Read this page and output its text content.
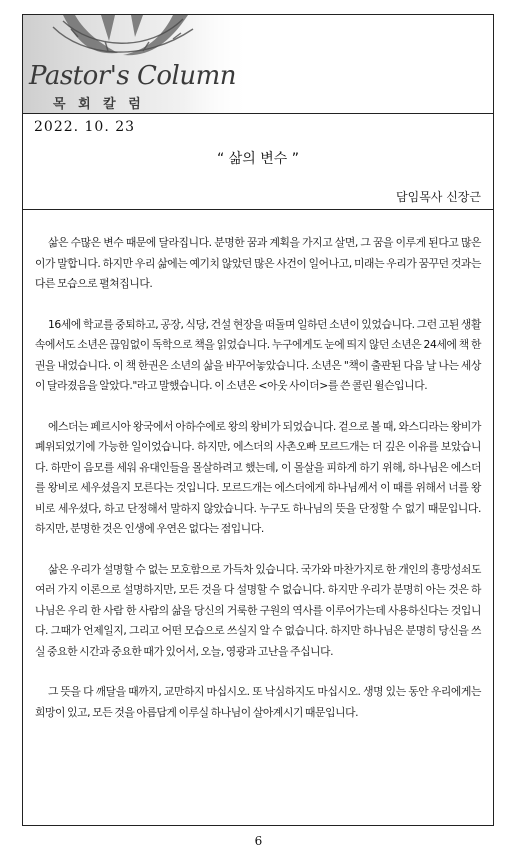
Pastor's Column
목 회 칼 럼
2022. 10. 23
“ 삶의 변수 ”
담임목사 신장근

삶은 수많은 변수 때문에 달라집니다. 분명한 꿈과 계획을 가지고 살면, 그 꿈을 이루게 된다고 많은 이가 말합니다. 하지만 우리 삶에는 예기치 않았던 많은 사건이 일어나고, 미래는 우리가 꿈꾸던 것과는 다른 모습으로 펼쳐집니다.

16세에 학교를 중퇴하고, 공장, 식당, 건설 현장을 떠돌며 일하던 소년이 있었습니다. 그런 고된 생활 속에서도 소년은 끊임없이 독학으로 책을 읽었습니다. 누구에게도 눈에 띄지 않던 소년은 24세에 책 한 권을 내었습니다. 이 책 한권은 소년의 삶을 바꾸어놓았습니다. 소년은 "책이 출판된 다음 날 나는 세상이 달라졌음을 알았다."라고 말했습니다. 이 소년은 <아웃 사이더>를 쓴 콜린 윌슨입니다.

에스더는 페르시아 왕국에서 아하수에로 왕의 왕비가 되었습니다. 겉으로 볼 때, 와스디라는 왕비가 폐위되었기에 가능한 일이었습니다. 하지만, 에스더의 사촌오빠 모르드개는 더 깊은 이유를 보았습니다. 하만이 음모를 세워 유대인들을 몰살하려고 했는데, 이 몰살을 피하게 하기 위해, 하나님은 에스더를 왕비로 세우셨을지 모른다는 것입니다. 모르드개는 에스더에게 하나님께서 이 때를 위해서 너를 왕비로 세우셨다, 하고 단정해서 말하지 않았습니다. 누구도 하나님의 뜻을 단정할 수 없기 때문입니다. 하지만, 분명한 것은 인생에 우연은 없다는 점입니다.

삶은 우리가 설명할 수 없는 모호함으로 가득차 있습니다. 국가와 마찬가지로 한 개인의 흥망성쇠도 여러 가지 이론으로 설명하지만, 모든 것을 다 설명할 수 없습니다. 하지만 우리가 분명히 아는 것은 하나님은 우리 한 사람 한 사람의 삶을 당신의 거룩한 구원의 역사를 이루어가는데 사용하신다는 것입니다. 그때가 언제일지, 그리고 어떤 모습으로 쓰실지 알 수 없습니다. 하지만 하나님은 분명히 당신을 쓰실 중요한 시간과 중요한 때가 있어서, 오늘, 영광과 고난을 주십니다.

그 뜻을 다 깨달을 때까지, 교만하지 마십시오. 또 낙심하지도 마십시오. 생명 있는 동안 우리에게는 희망이 있고, 모든 것을 아름답게 이루실 하나님이 살아계시기 때문입니다.

6
